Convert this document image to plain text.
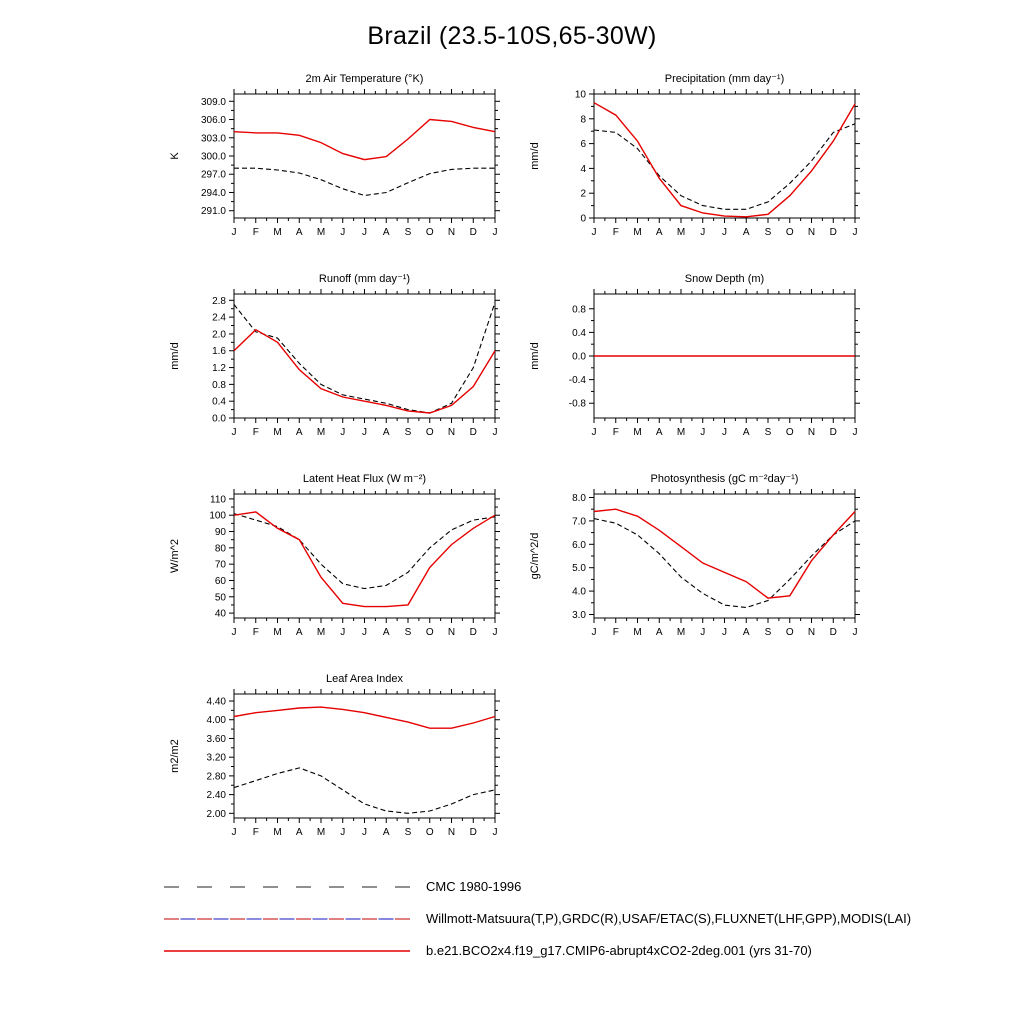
Brazil (23.5-10S,65-30W)
2m Air Temperature (°K)
K
291.0
294.0
297.0
300.0
303.0
306.0
309.0
J F M A M J J A S O N D J
Precipitation (mm day⁻¹)
mm/d
0
2
4
6
8
10
J F M A M J J A S O N D J
Runoff (mm day⁻¹)
mm/d
0.0
0.4
0.8
1.2
1.6
2.0
2.4
2.8
J F M A M J J A S O N D J
Snow Depth (m)
mm/d
-0.8
-0.4
0.0
0.4
0.8
J F M A M J J A S O N D J
Latent Heat Flux (W m⁻²)
W/m^2
40
50
60
70
80
90
100
110
J F M A M J J A S O N D J
Photosynthesis (gC m⁻²day⁻¹)
gC/m^2/d
3.0
4.0
5.0
6.0
7.0
8.0
J F M A M J J A S O N D J
Leaf Area Index
m2/m2
2.00
2.40
2.80
3.20
3.60
4.00
4.40
J F M A M J J A S O N D J
CMC 1980-1996
Willmott-Matsuura(T,P),GRDC(R),USAF/ETAC(S),FLUXNET(LHF,GPP),MODIS(LAI)
b.e21.BCO2x4.f19_g17.CMIP6-abrupt4xCO2-2deg.001 (yrs 31-70)
